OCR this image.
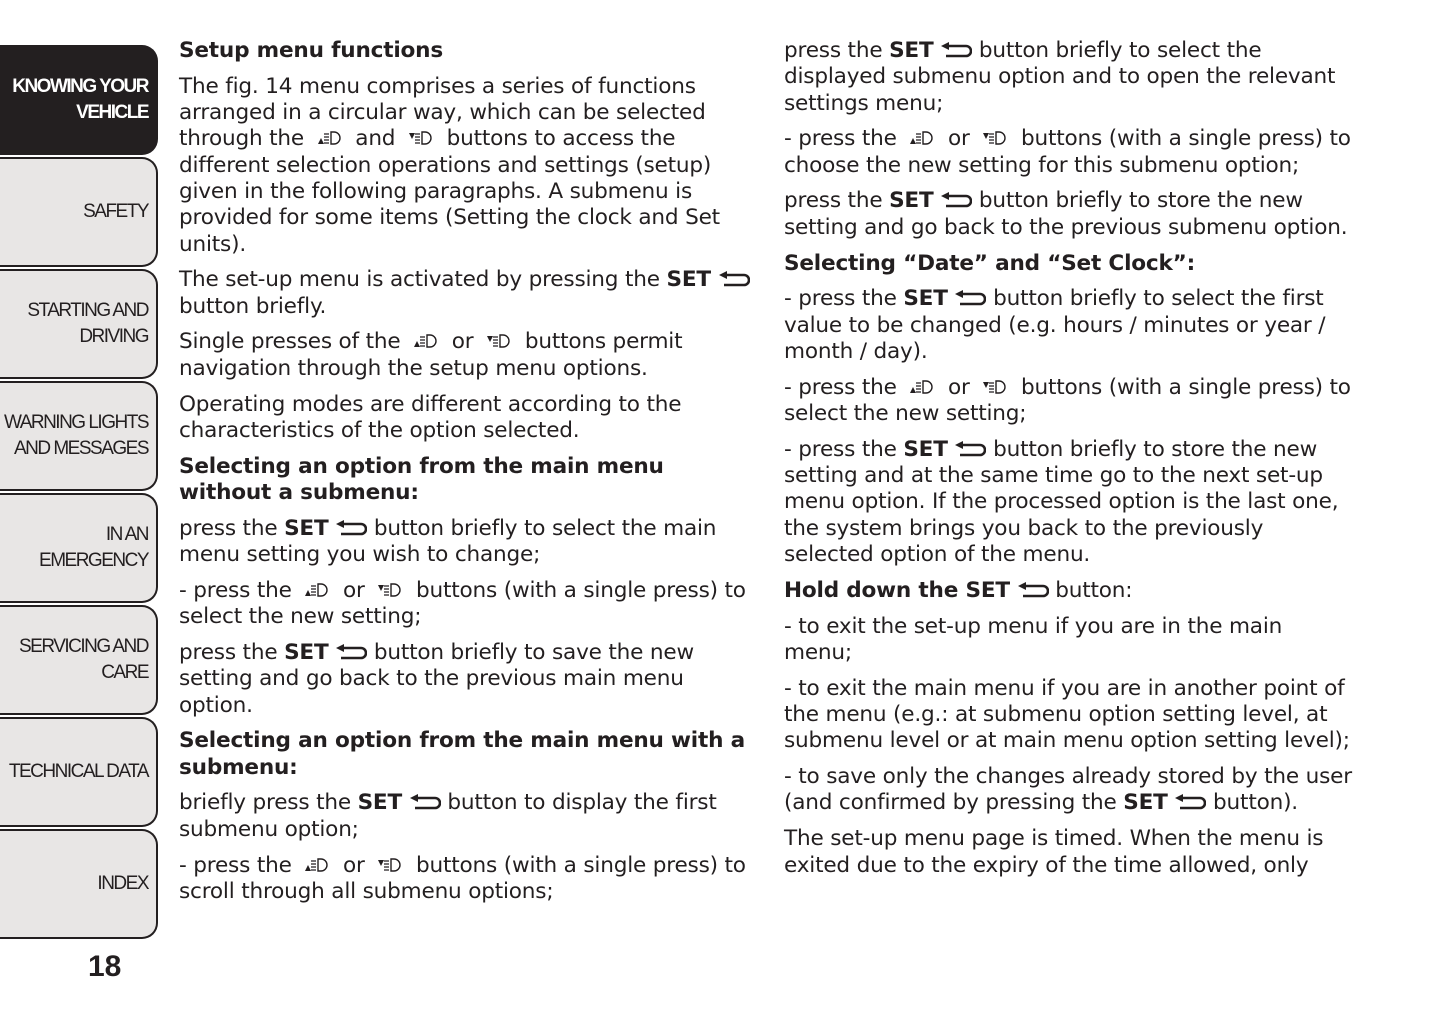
KNOWING YOUR
VEHICLE
SAFETY
STARTING AND
DRIVING
WARNING LIGHTS
AND MESSAGES
IN AN EMERGENCY
SERVICING AND
CARE
TECHNICAL DATA
INDEX
18

Setup menu functions

The fig. 14 menu comprises a series of functions arranged in a circular way, which can be selected through the  and  buttons to access the different selection operations and settings (setup) given in the following paragraphs. A submenu is provided for some items (Setting the clock and Set units).

The set-up menu is activated by pressing the SET  button briefly.

Single presses of the  or  buttons permit navigation through the setup menu options.

Operating modes are different according to the characteristics of the option selected.

Selecting an option from the main menu without a submenu:

press the SET  button briefly to select the main menu setting you wish to change;

- press the  or  buttons (with a single press) to select the new setting;

press the SET  button briefly to save the new setting and go back to the previous main menu option.

Selecting an option from the main menu with a submenu:

briefly press the SET  button to display the first submenu option;

- press the  or  buttons (with a single press) to scroll through all submenu options;

press the SET  button briefly to select the displayed submenu option and to open the relevant settings menu;

- press the  or  buttons (with a single press) to choose the new setting for this submenu option;

press the SET  button briefly to store the new setting and go back to the previous submenu option.

Selecting “Date” and “Set Clock”:

- press the SET  button briefly to select the first value to be changed (e.g. hours / minutes or year / month / day).

- press the  or  buttons (with a single press) to select the new setting;

- press the SET  button briefly to store the new setting and at the same time go to the next set-up menu option. If the processed option is the last one, the system brings you back to the previously selected option of the menu.

Hold down the SET  button:

- to exit the set-up menu if you are in the main menu;

- to exit the main menu if you are in another point of the menu (e.g.: at submenu option setting level, at submenu level or at main menu option setting level);

- to save only the changes already stored by the user (and confirmed by pressing the SET  button).

The set-up menu page is timed. When the menu is exited due to the expiry of the time allowed, only
